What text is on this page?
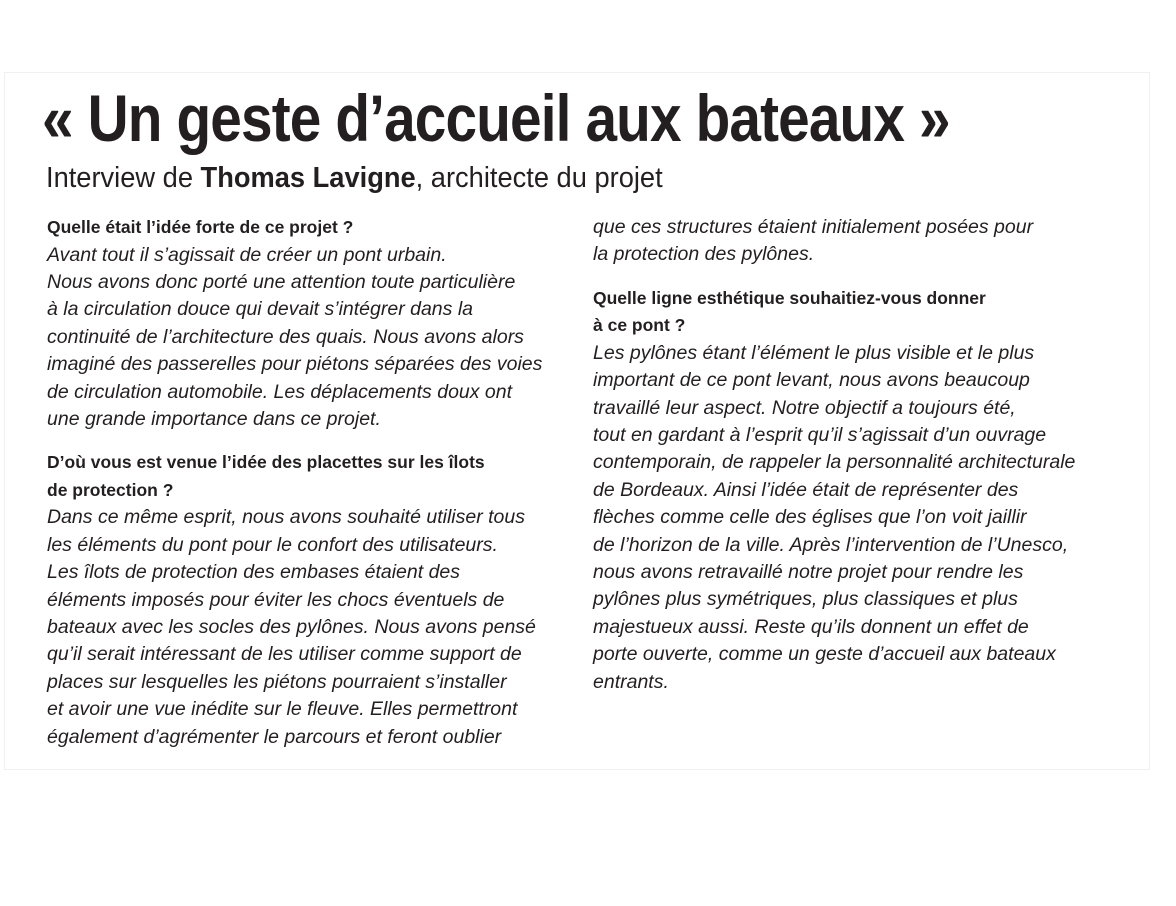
« Un geste d’accueil aux bateaux »

Interview de Thomas Lavigne, architecte du projet

Quelle était l’idée forte de ce projet ?

Avant tout il s’agissait de créer un pont urbain.
Nous avons donc porté une attention toute particulière
à la circulation douce qui devait s’intégrer dans la
continuité de l’architecture des quais. Nous avons alors
imaginé des passerelles pour piétons séparées des voies
de circulation automobile. Les déplacements doux ont
une grande importance dans ce projet.

D’où vous est venue l’idée des placettes sur les îlots
de protection ?

Dans ce même esprit, nous avons souhaité utiliser tous
les éléments du pont pour le confort des utilisateurs.
Les îlots de protection des embases étaient des
éléments imposés pour éviter les chocs éventuels de
bateaux avec les socles des pylônes. Nous avons pensé
qu’il serait intéressant de les utiliser comme support de
places sur lesquelles les piétons pourraient s’installer
et avoir une vue inédite sur le fleuve. Elles permettront
également d’agrémenter le parcours et feront oublier

que ces structures étaient initialement posées pour
la protection des pylônes.

Quelle ligne esthétique souhaitiez-vous donner
à ce pont ?

Les pylônes étant l’élément le plus visible et le plus
important de ce pont levant, nous avons beaucoup
travaillé leur aspect. Notre objectif a toujours été,
tout en gardant à l’esprit qu’il s’agissait d’un ouvrage
contemporain, de rappeler la personnalité architecturale
de Bordeaux. Ainsi l’idée était de représenter des
flèches comme celle des églises que l’on voit jaillir
de l’horizon de la ville. Après l’intervention de l’Unesco,
nous avons retravaillé notre projet pour rendre les
pylônes plus symétriques, plus classiques et plus
majestueux aussi. Reste qu’ils donnent un effet de
porte ouverte, comme un geste d’accueil aux bateaux
entrants.
